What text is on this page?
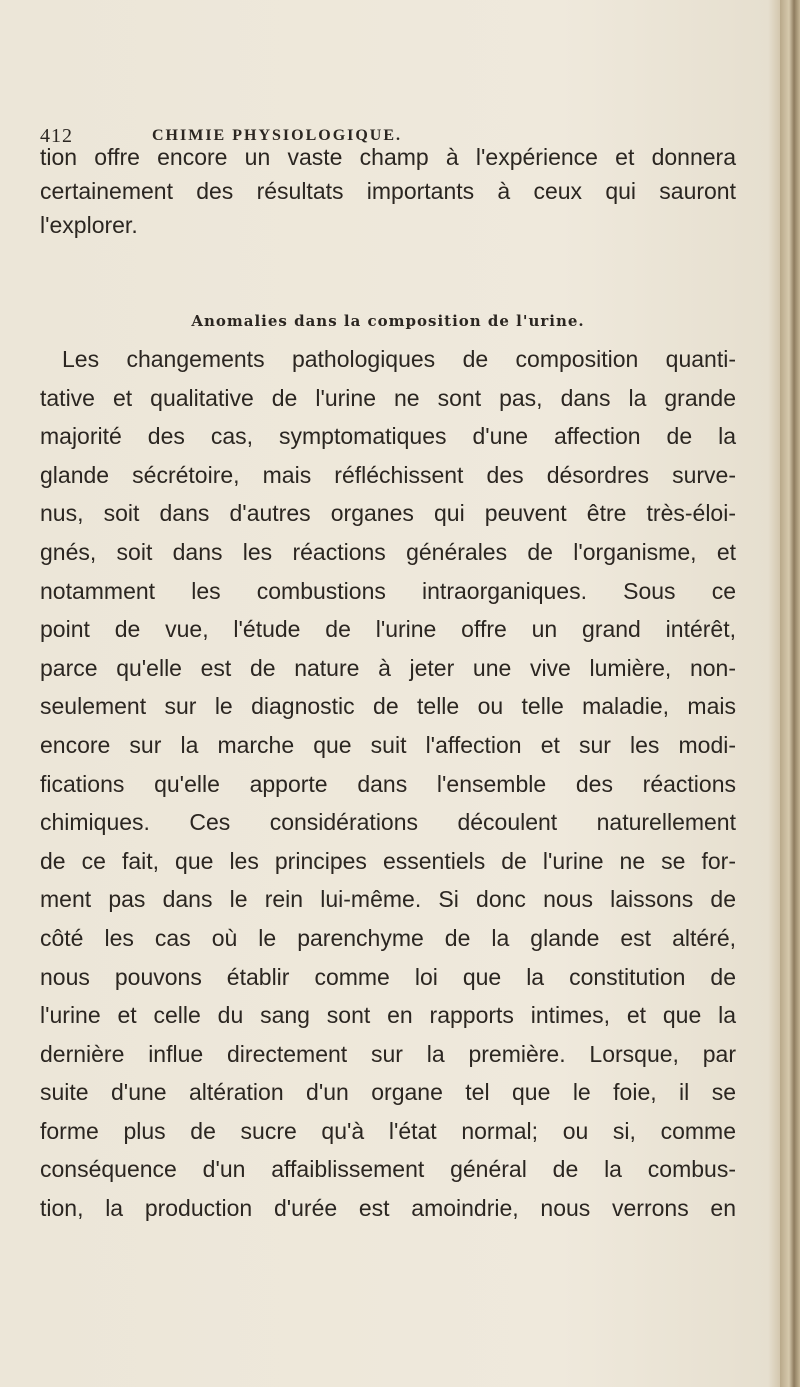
412	CHIMIE PHYSIOLOGIQUE.
tion offre encore un vaste champ à l'expérience et donnera
certainement des résultats importants à ceux qui sauront
l'explorer.
Anomalies dans la composition de l'urine.
Les changements pathologiques de composition quanti-
tative et qualitative de l'urine ne sont pas, dans la grande
majorité des cas, symptomatiques d'une affection de la
glande sécrétoire, mais réfléchissent des désordres surve-
nus, soit dans d'autres organes qui peuvent être très-éloi-
gnés, soit dans les réactions générales de l'organisme, et
notamment les combustions intraorganiques. Sous ce
point de vue, l'étude de l'urine offre un grand intérêt,
parce qu'elle est de nature à jeter une vive lumière, non-
seulement sur le diagnostic de telle ou telle maladie, mais
encore sur la marche que suit l'affection et sur les modi-
fications qu'elle apporte dans l'ensemble des réactions
chimiques. Ces considérations découlent naturellement
de ce fait, que les principes essentiels de l'urine ne se for-
ment pas dans le rein lui-même. Si donc nous laissons de
côté les cas où le parenchyme de la glande est altéré,
nous pouvons établir comme loi que la constitution de
l'urine et celle du sang sont en rapports intimes, et que la
dernière influe directement sur la première. Lorsque, par
suite d'une altération d'un organe tel que le foie, il se
forme plus de sucre qu'à l'état normal; ou si, comme
conséquence d'un affaiblissement général de la combus-
tion, la production d'urée est amoindrie, nous verrons en
